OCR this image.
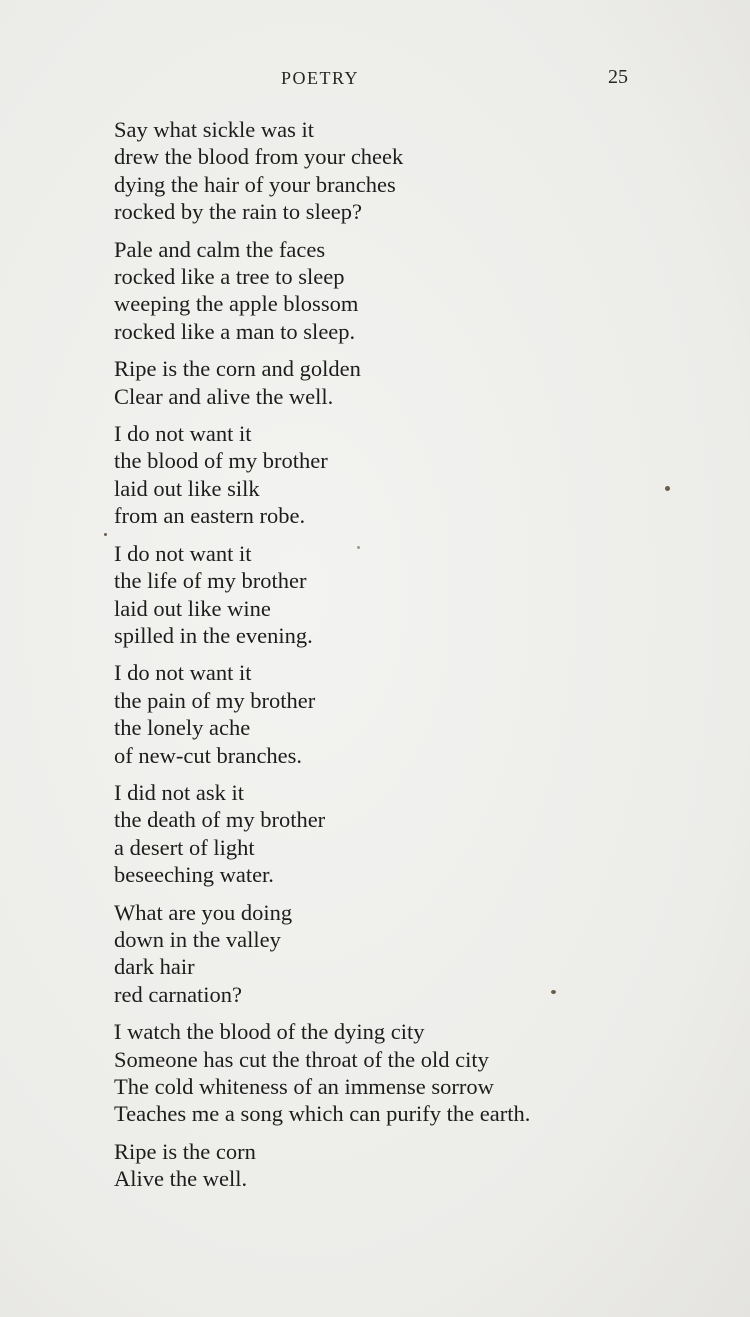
POETRY	25
Say what sickle was it
drew the blood from your cheek
dying the hair of your branches
rocked by the rain to sleep?
Pale and calm the faces
rocked like a tree to sleep
weeping the apple blossom
rocked like a man to sleep.
Ripe is the corn and golden
Clear and alive the well.
I do not want it
the blood of my brother
laid out like silk
from an eastern robe.
I do not want it
the life of my brother
laid out like wine
spilled in the evening.
I do not want it
the pain of my brother
the lonely ache
of new-cut branches.
I did not ask it
the death of my brother
a desert of light
beseeching water.
What are you doing
down in the valley
dark hair
red carnation?
I watch the blood of the dying city
Someone has cut the throat of the old city
The cold whiteness of an immense sorrow
Teaches me a song which can purify the earth.
Ripe is the corn
Alive the well.
